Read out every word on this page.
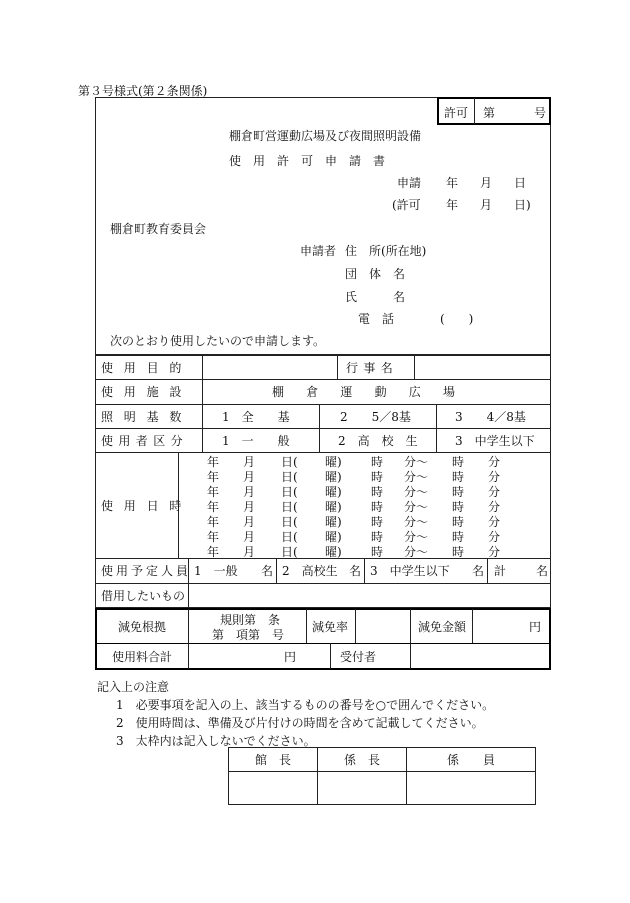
第３号様式(第２条関係)
許可 第	号
棚倉町営運動広場及び夜間照明設備
使　用　許　可　申　請　書
申請 年 月 日
(許可 年 月 日)
棚倉町教育委員会
申請者 住　所(所在地)
団　体　名
氏　　　名
電　話	(　　)
次のとおり使用したいので申請します。
使用目的	行事名
使用施設	棚倉運動広場
照明基数 1　全　　基	2　　5／8基	3　　4／8基
使用者区分	1　一　　般	2　高　校　生	3　中学生以下
使用日時
年 月 日( 曜) 時 分～ 時 分
年 月 日( 曜) 時 分～ 時 分
年 月 日( 曜) 時 分～ 時 分
年 月 日( 曜) 時 分～ 時 分
年 月 日( 曜) 時 分～ 時 分
年 月 日( 曜) 時 分～ 時 分
年 月 日( 曜) 時 分～ 時 分
使用予定人員 1　一般 名 2　高校生 名 3　中学生以下 名 計 名
借用したいもの
減免根拠	規則第　条
第　項第　号
減免率	減免金額	円
使用料合計	円	受付者
記入上の注意
1　必要事項を記入の上、該当するものの番号を○で囲んでください。
2　使用時間は、準備及び片付けの時間を含めて記載してください。
3　太枠内は記入しないでください。
館　長	係　長	係　　員
